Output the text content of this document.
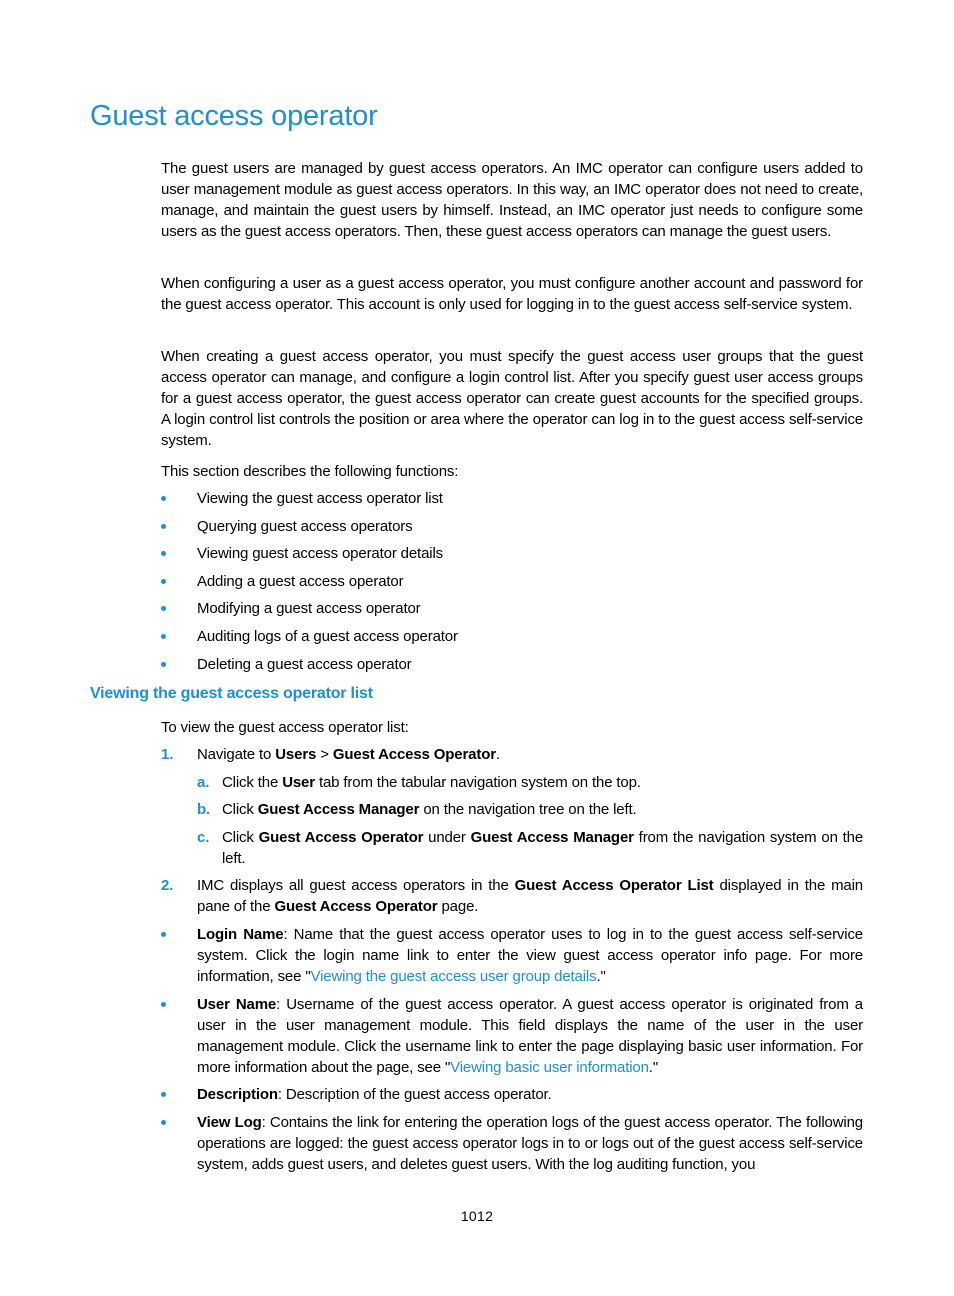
Guest access operator

The guest users are managed by guest access operators. An IMC operator can configure users added to user management module as guest access operators. In this way, an IMC operator does not need to create, manage, and maintain the guest users by himself. Instead, an IMC operator just needs to configure some users as the guest access operators. Then, these guest access operators can manage the guest users.

When configuring a user as a guest access operator, you must configure another account and password for the guest access operator. This account is only used for logging in to the guest access self-service system.

When creating a guest access operator, you must specify the guest access user groups that the guest access operator can manage, and configure a login control list. After you specify guest user access groups for a guest access operator, the guest access operator can create guest accounts for the specified groups. A login control list controls the position or area where the operator can log in to the guest access self-service system.

This section describes the following functions:

Viewing the guest access operator list
Querying guest access operators
Viewing guest access operator details
Adding a guest access operator
Modifying a guest access operator
Auditing logs of a guest access operator
Deleting a guest access operator
Viewing the guest access operator list

To view the guest access operator list:

1. Navigate to Users > Guest Access Operator.
a. Click the User tab from the tabular navigation system on the top.
b. Click Guest Access Manager on the navigation tree on the left.
c. Click Guest Access Operator under Guest Access Manager from the navigation system on the left.
2. IMC displays all guest access operators in the Guest Access Operator List displayed in the main pane of the Guest Access Operator page.
Login Name: Name that the guest access operator uses to log in to the guest access self-service system. Click the login name link to enter the view guest access operator info page. For more information, see "Viewing the guest access user group details."
User Name: Username of the guest access operator. A guest access operator is originated from a user in the user management module. This field displays the name of the user in the user management module. Click the username link to enter the page displaying basic user information. For more information about the page, see "Viewing basic user information."
Description: Description of the guest access operator.
View Log: Contains the link for entering the operation logs of the guest access operator. The following operations are logged: the guest access operator logs in to or logs out of the guest access self-service system, adds guest users, and deletes guest users. With the log auditing function, you
1012
